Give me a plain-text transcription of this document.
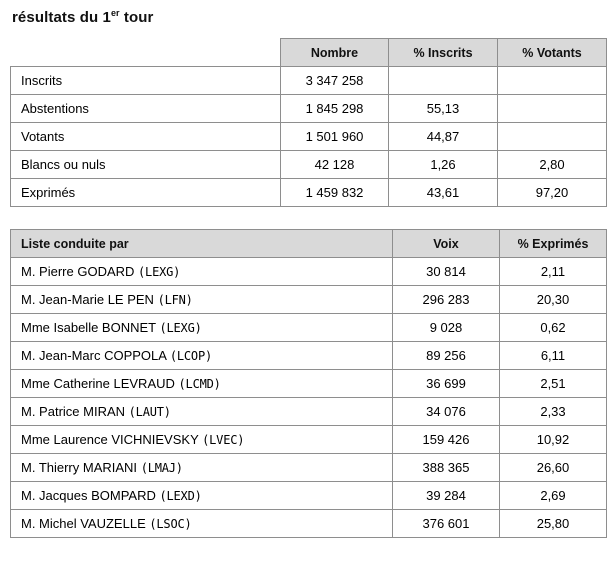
résultats du 1er tour
	Nombre	% Inscrits	% Votants
Inscrits	3 347 258		
Abstentions	1 845 298	55,13	
Votants	1 501 960	44,87	
Blancs ou nuls	42 128	1,26	2,80
Exprimés	1 459 832	43,61	97,20
Liste conduite par	Voix	% Exprimés
M. Pierre GODARD (LEXG)	30 814	2,11
M. Jean-Marie LE PEN (LFN)	296 283	20,30
Mme Isabelle BONNET (LEXG)	9 028	0,62
M. Jean-Marc COPPOLA (LCOP)	89 256	6,11
Mme Catherine LEVRAUD (LCMD)	36 699	2,51
M. Patrice MIRAN (LAUT)	34 076	2,33
Mme Laurence VICHNIEVSKY (LVEC)	159 426	10,92
M. Thierry MARIANI (LMAJ)	388 365	26,60
M. Jacques BOMPARD (LEXD)	39 284	2,69
M. Michel VAUZELLE (LSOC)	376 601	25,80
